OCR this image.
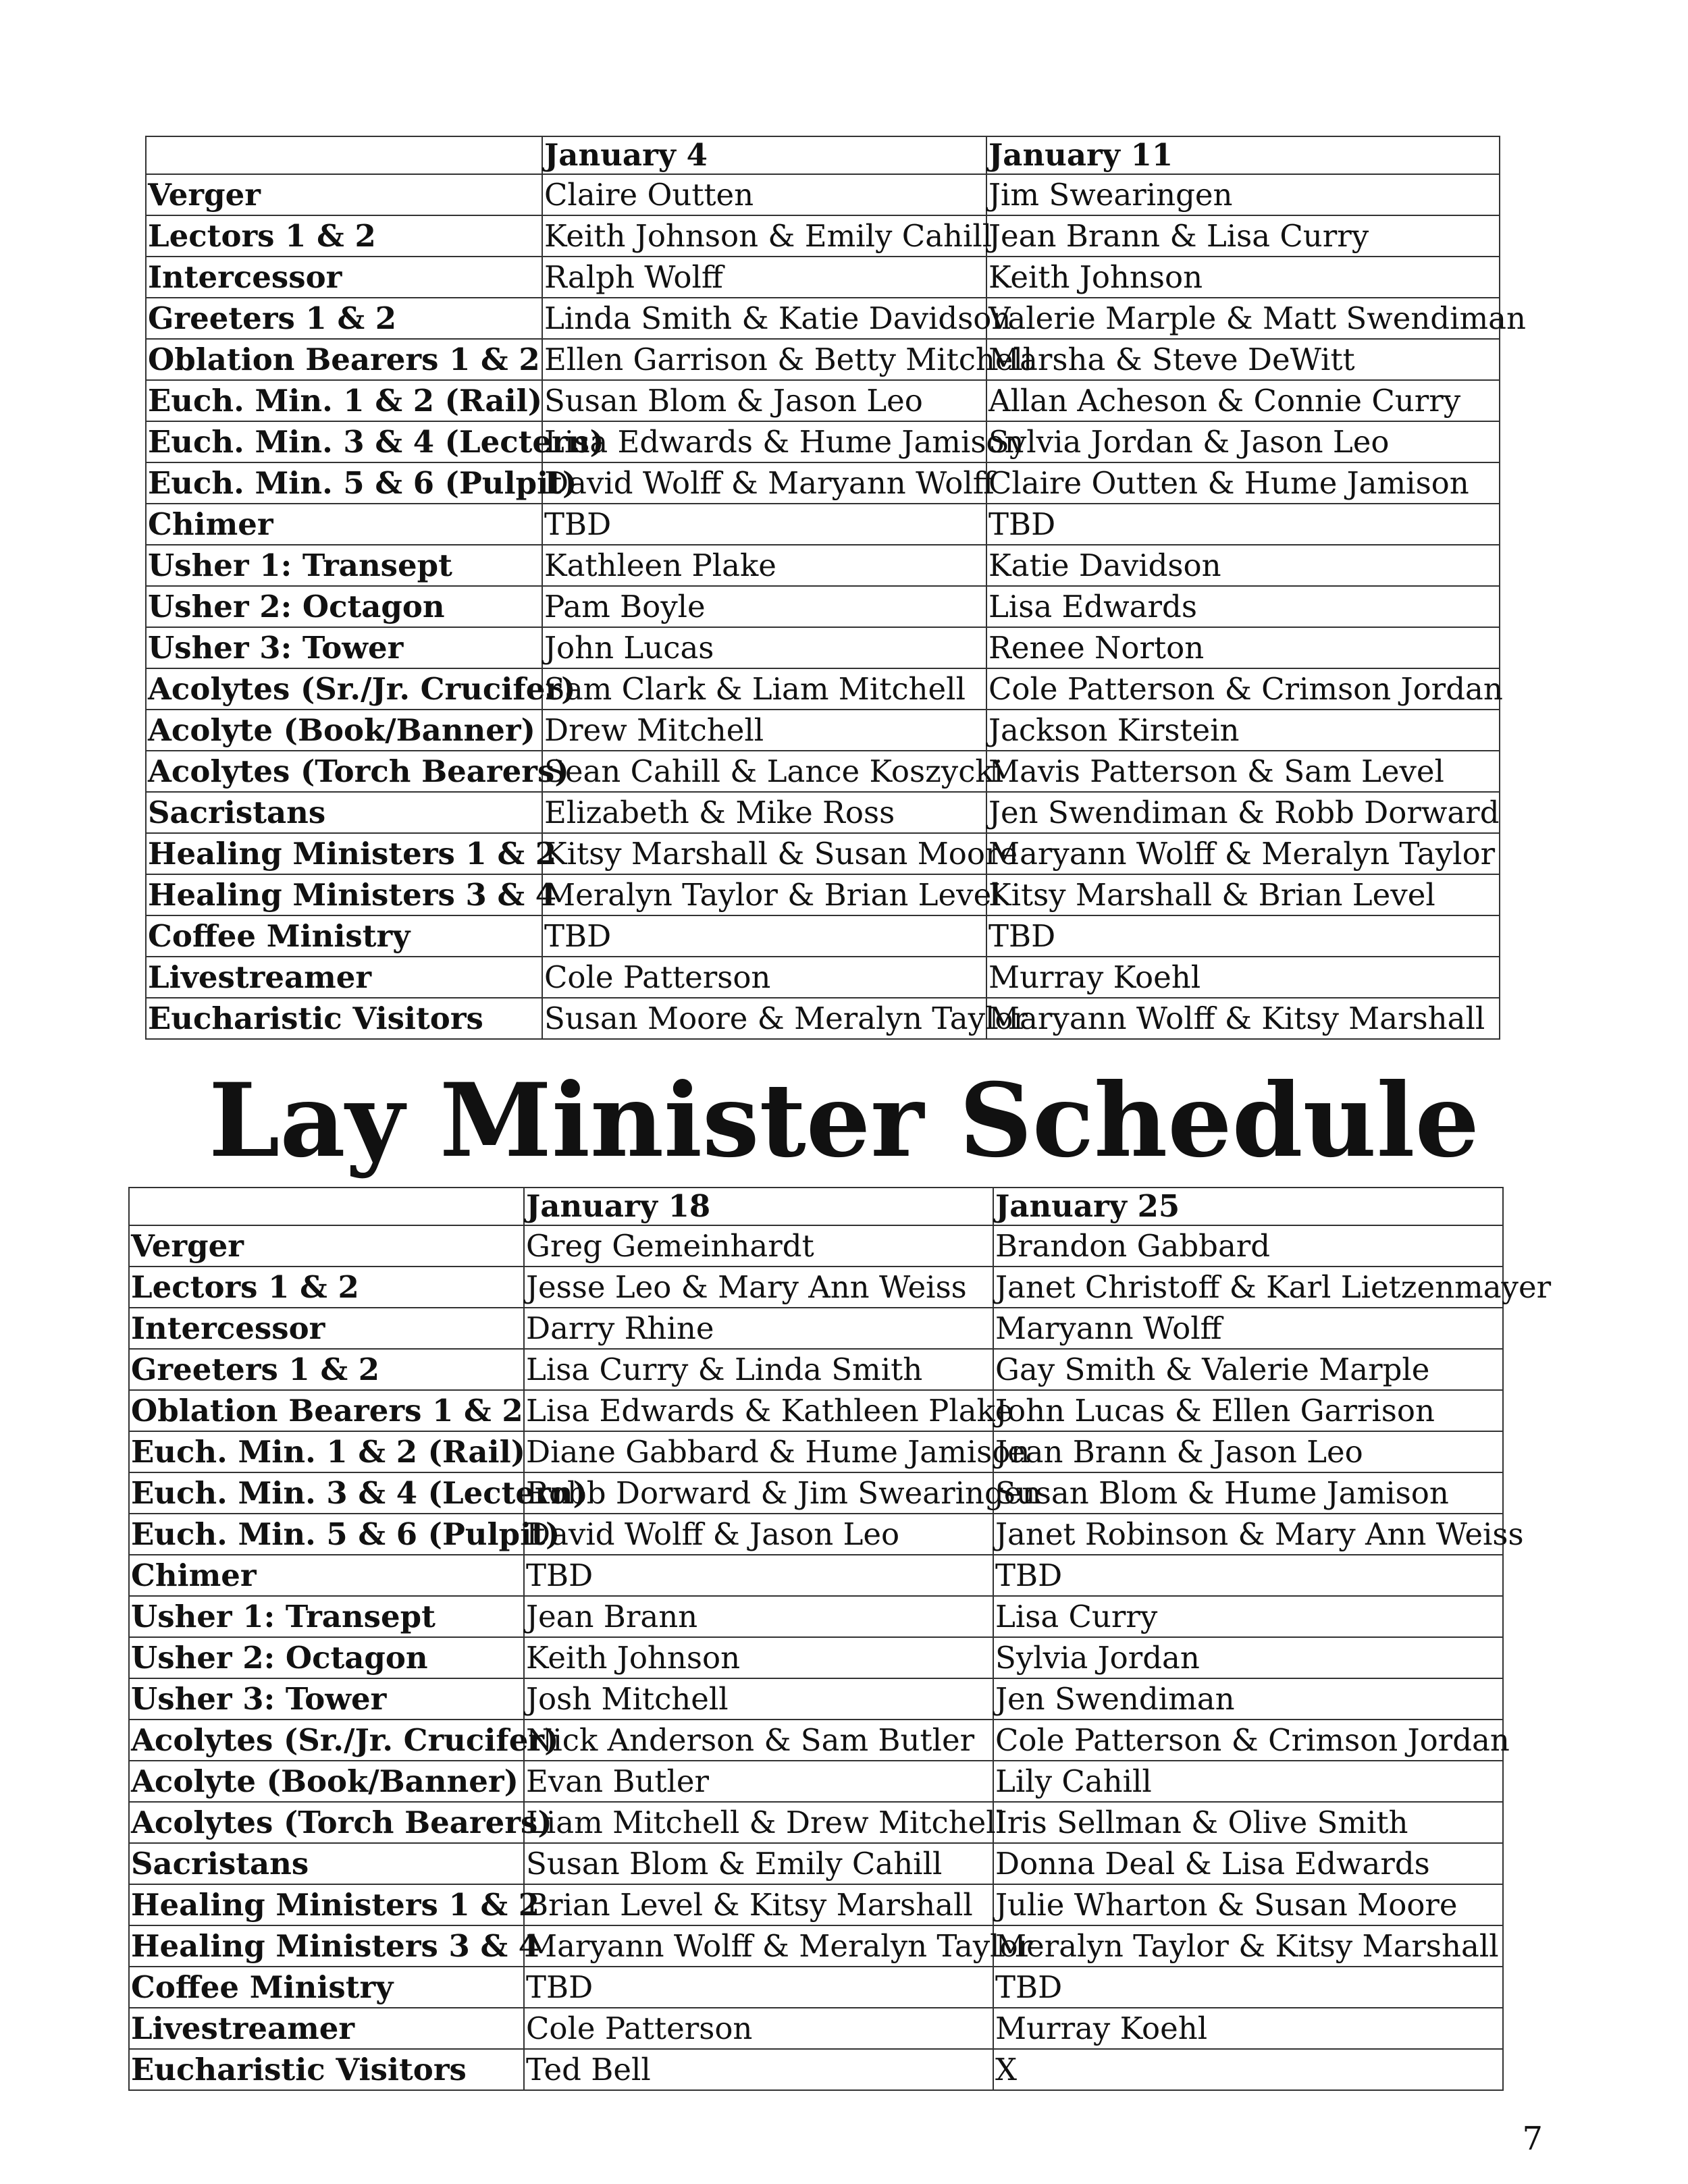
	January 4	January 11
Verger	Claire Outten	Jim Swearingen
Lectors 1 & 2	Keith Johnson & Emily Cahill	Jean Brann & Lisa Curry
Intercessor	Ralph Wolff	Keith Johnson
Greeters 1 & 2	Linda Smith & Katie Davidson	Valerie Marple & Matt Swendiman
Oblation Bearers 1 & 2	Ellen Garrison & Betty Mitchell	Marsha & Steve DeWitt
Euch. Min. 1 & 2 (Rail)	Susan Blom & Jason Leo	Allan Acheson & Connie Curry
Euch. Min. 3 & 4 (Lectern)	Lisa Edwards & Hume Jamison	Sylvia Jordan & Jason Leo
Euch. Min. 5 & 6 (Pulpit)	David Wolff & Maryann Wolff	Claire Outten & Hume Jamison
Chimer	TBD	TBD
Usher 1: Transept	Kathleen Plake	Katie Davidson
Usher 2: Octagon	Pam Boyle	Lisa Edwards
Usher 3: Tower	John Lucas	Renee Norton
Acolytes (Sr./Jr. Crucifer)	Sam Clark & Liam Mitchell	Cole Patterson & Crimson Jordan
Acolyte (Book/Banner)	Drew Mitchell	Jackson Kirstein
Acolytes (Torch Bearers)	Sean Cahill & Lance Koszycki	Mavis Patterson & Sam Level
Sacristans	Elizabeth & Mike Ross	Jen Swendiman & Robb Dorward
Healing Ministers 1 & 2	Kitsy Marshall & Susan Moore	Maryann Wolff & Meralyn Taylor
Healing Ministers 3 & 4	Meralyn Taylor & Brian Level	Kitsy Marshall & Brian Level
Coffee Ministry	TBD	TBD
Livestreamer	Cole Patterson	Murray Koehl
Eucharistic Visitors	Susan Moore & Meralyn Taylor	Maryann Wolff & Kitsy Marshall
Lay Minister Schedule
	January 18	January 25
Verger	Greg Gemeinhardt	Brandon Gabbard
Lectors 1 & 2	Jesse Leo & Mary Ann Weiss	Janet Christoff & Karl Lietzenmayer
Intercessor	Darry Rhine	Maryann Wolff
Greeters 1 & 2	Lisa Curry & Linda Smith	Gay Smith & Valerie Marple
Oblation Bearers 1 & 2	Lisa Edwards & Kathleen Plake	John Lucas & Ellen Garrison
Euch. Min. 1 & 2 (Rail)	Diane Gabbard & Hume Jamison	Jean Brann & Jason Leo
Euch. Min. 3 & 4 (Lectern)	Robb Dorward & Jim Swearingen	Susan Blom & Hume Jamison
Euch. Min. 5 & 6 (Pulpit)	David Wolff & Jason Leo	Janet Robinson & Mary Ann Weiss
Chimer	TBD	TBD
Usher 1: Transept	Jean Brann	Lisa Curry
Usher 2: Octagon	Keith Johnson	Sylvia Jordan
Usher 3: Tower	Josh Mitchell	Jen Swendiman
Acolytes (Sr./Jr. Crucifer)	Nick Anderson & Sam Butler	Cole Patterson & Crimson Jordan
Acolyte (Book/Banner)	Evan Butler	Lily Cahill
Acolytes (Torch Bearers)	Liam Mitchell & Drew Mitchell	Iris Sellman & Olive Smith
Sacristans	Susan Blom & Emily Cahill	Donna Deal & Lisa Edwards
Healing Ministers 1 & 2	Brian Level & Kitsy Marshall	Julie Wharton & Susan Moore
Healing Ministers 3 & 4	Maryann Wolff & Meralyn Taylor	Meralyn Taylor & Kitsy Marshall
Coffee Ministry	TBD	TBD
Livestreamer	Cole Patterson	Murray Koehl
Eucharistic Visitors	Ted Bell	X
7
